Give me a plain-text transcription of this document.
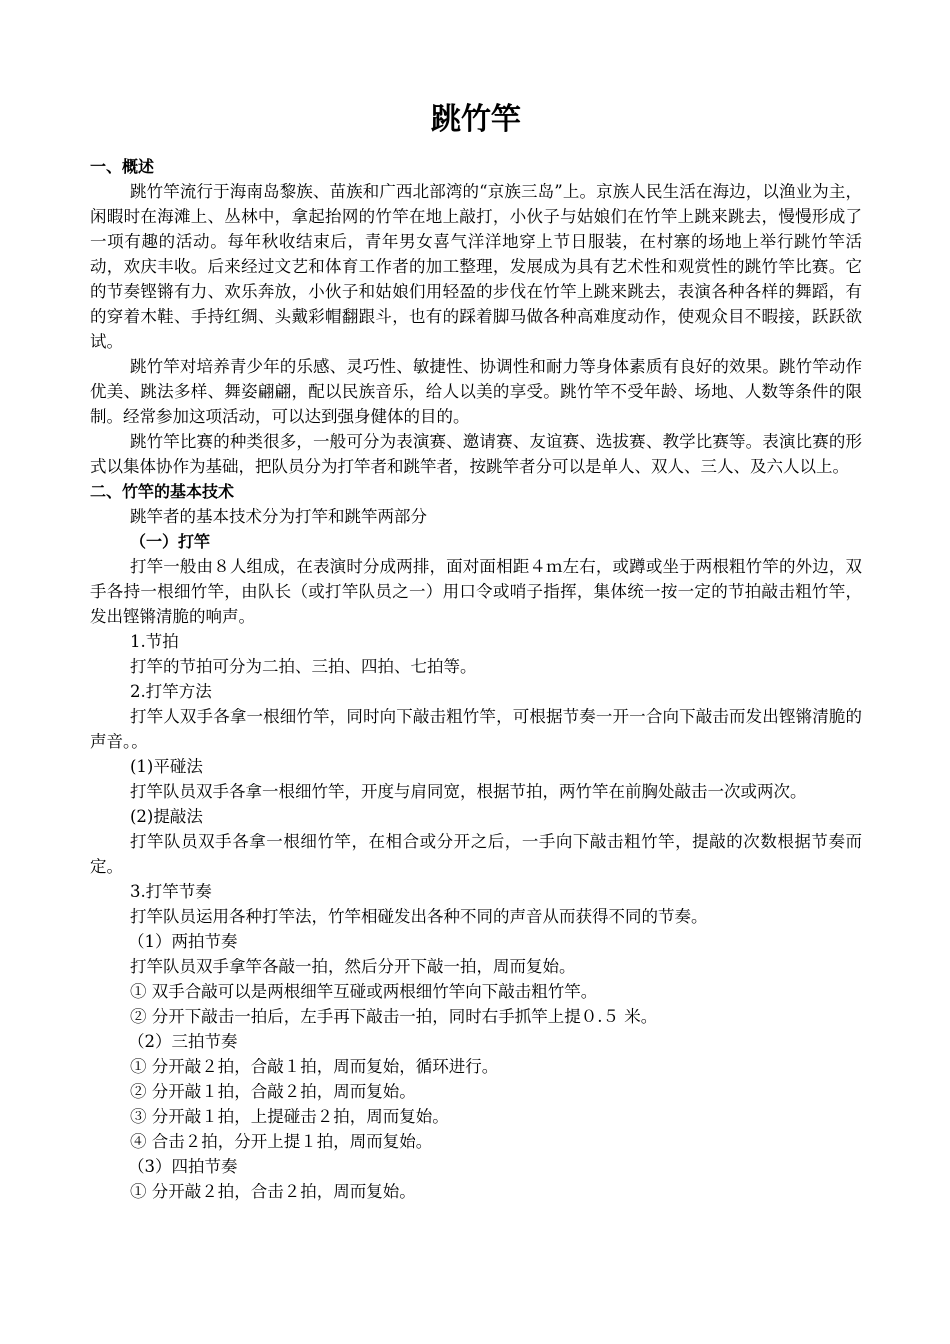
跳竹竿
一、概述
跳竹竿流行于海南岛黎族、苗族和广西北部湾的“京族三岛”上。京族人民生活在海边，以渔业为主，闲暇时在海滩上、丛林中，拿起抬网的竹竿在地上敲打，小伙子与姑娘们在竹竿上跳来跳去，慢慢形成了一项有趣的活动。每年秋收结束后，青年男女喜气洋洋地穿上节日服装，在村寨的场地上举行跳竹竿活动，欢庆丰收。后来经过文艺和体育工作者的加工整理，发展成为具有艺术性和观赏性的跳竹竿比赛。它的节奏铿锵有力、欢乐奔放，小伙子和姑娘们用轻盈的步伐在竹竿上跳来跳去，表演各种各样的舞蹈，有的穿着木鞋、手持红绸、头戴彩帽翻跟斗，也有的踩着脚马做各种高难度动作，使观众目不暇接，跃跃欲试。
跳竹竿对培养青少年的乐感、灵巧性、敏捷性、协调性和耐力等身体素质有良好的效果。跳竹竿动作优美、跳法多样、舞姿翩翩，配以民族音乐，给人以美的享受。跳竹竿不受年龄、场地、人数等条件的限制。经常参加这项活动，可以达到强身健体的目的。
跳竹竿比赛的种类很多，一般可分为表演赛、邀请赛、友谊赛、选拔赛、教学比赛等。表演比赛的形式以集体协作为基础，把队员分为打竿者和跳竿者，按跳竿者分可以是单人、双人、三人、及六人以上。
二、竹竿的基本技术
跳竿者的基本技术分为打竿和跳竿两部分
（一）打竿
打竿一般由８人组成，在表演时分成两排，面对面相距４ｍ左右，或蹲或坐于两根粗竹竿的外边，双手各持一根细竹竿，由队长（或打竿队员之一）用口令或哨子指挥，集体统一按一定的节拍敲击粗竹竿，发出铿锵清脆的响声。
1.节拍
打竿的节拍可分为二拍、三拍、四拍、七拍等。
2.打竿方法
打竿人双手各拿一根细竹竿，同时向下敲击粗竹竿，可根据节奏一开一合向下敲击而发出铿锵清脆的声音。。
(1)平碰法
打竿队员双手各拿一根细竹竿，开度与肩同宽，根据节拍，两竹竿在前胸处敲击一次或两次。
(2)提敲法
打竿队员双手各拿一根细竹竿，在相合或分开之后，一手向下敲击粗竹竿，提敲的次数根据节奏而定。
3.打竿节奏
打竿队员运用各种打竿法，竹竿相碰发出各种不同的声音从而获得不同的节奏。
（1）两拍节奏
打竿队员双手拿竿各敲一拍，然后分开下敲一拍，周而复始。
① 双手合敲可以是两根细竿互碰或两根细竹竿向下敲击粗竹竿。
② 分开下敲击一拍后，左手再下敲击一拍，同时右手抓竿上提０.５ 米。
（2）三拍节奏
① 分开敲２拍，合敲１拍，周而复始，循环进行。
② 分开敲１拍，合敲２拍，周而复始。
③ 分开敲１拍，上提碰击２拍，周而复始。
④ 合击２拍，分开上提１拍，周而复始。
（3）四拍节奏
① 分开敲２拍，合击２拍，周而复始。
